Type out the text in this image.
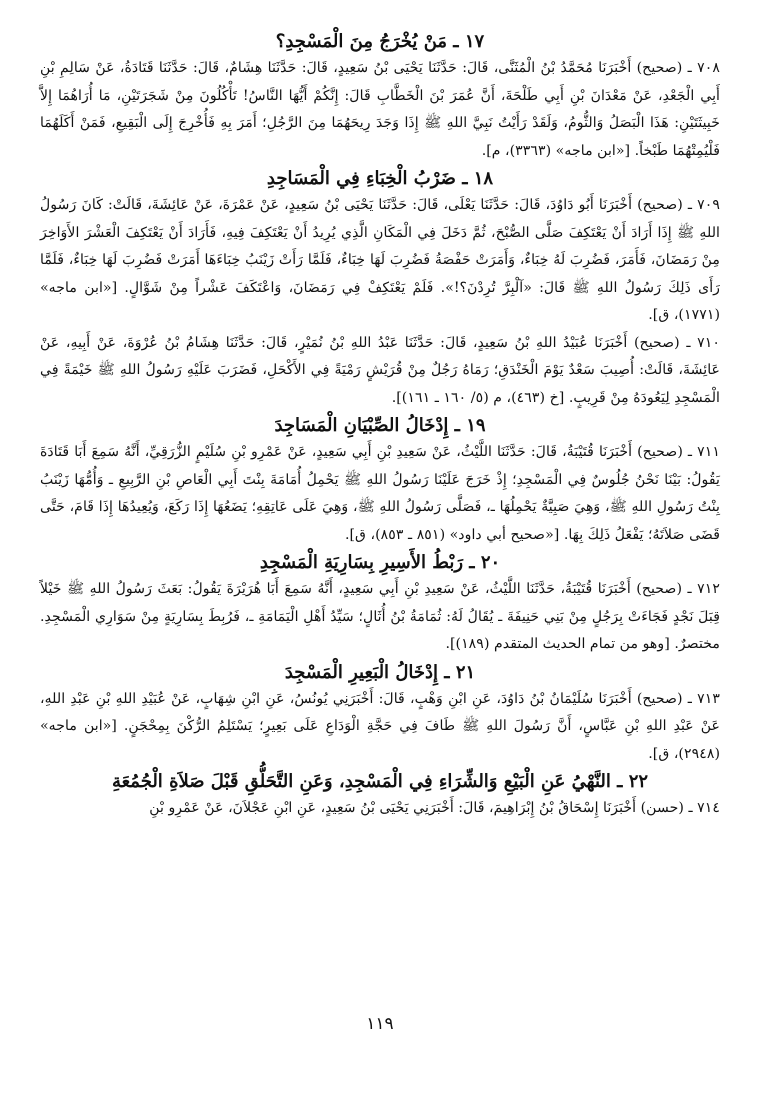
١٧ ـ مَنْ يُخْرَجُ مِنَ الْمَسْجِدِ؟

٧٠٨ ـ (صحيح) أَخْبَرَنَا مُحَمَّدُ بْنُ الْمُثَنَّى، قَالَ: حَدَّثَنَا يَحْيَى بْنُ سَعِيدٍ، قَالَ: حَدَّثَنَا هِشَامٌ، قَالَ: حَدَّثَنَا قَتَادَةُ، عَنْ سَالِمِ بْنِ أَبِي الْجَعْدِ، عَنْ مَعْدَانَ بْنِ أَبِي طَلْحَةَ، أَنَّ عُمَرَ بْنَ الْخَطَّابِ قَالَ: إِنَّكُمْ أَيُّهَا النَّاسُ! تَأْكُلُونَ مِنْ شَجَرَتَيْنِ، مَا أُرَاهُمَا إِلاَّ خَبِيثَتَيْنِ: هَذَا الْبَصَلُ وَالثُّومُ، وَلَقَدْ رَأَيْتُ نَبِيَّ اللهِ ﷺ إِذَا وَجَدَ رِيحَهُمَا مِنَ الرَّجُلِ؛ أَمَرَ بِهِ فَأُخْرِجَ إِلَى الْبَقِيعِ، فَمَنْ أَكَلَهُمَا فَلْيُمِتْهُمَا طَبْخاً. [«ابن ماجه» (٣٣٦٣)، م].

١٨ ـ ضَرْبُ الْخِبَاءِ فِي الْمَسَاجِدِ

٧٠٩ ـ (صحيح) أَخْبَرَنَا أَبُو دَاوُدَ، قَالَ: حَدَّثَنَا يَعْلَى، قَالَ: حَدَّثَنَا يَحْيَى بْنُ سَعِيدٍ، عَنْ عَمْرَةَ، عَنْ عَائِشَةَ، قَالَتْ: كَانَ رَسُولُ اللهِ ﷺ إِذَا أَرَادَ أَنْ يَعْتَكِفَ صَلَّى الصُّبْحَ، ثُمَّ دَخَلَ فِي الْمَكَانِ الَّذِي يُرِيدُ أَنْ يَعْتَكِفَ فِيهِ، فَأَرَادَ أَنْ يَعْتَكِفَ الْعَشْرَ الأَوَاخِرَ مِنْ رَمَضَانَ، فَأَمَرَ، فَضُرِبَ لَهُ خِبَاءٌ، وَأَمَرَتْ حَفْصَةُ فَضُرِبَ لَهَا خِبَاءٌ، فَلَمَّا رَأَتْ زَيْنَبُ خِبَاءَهَا أَمَرَتْ فَضُرِبَ لَهَا خِبَاءٌ، فَلَمَّا رَأَى ذَلِكَ رَسُولُ اللهِ ﷺ قَالَ: «آلْبِرَّ تُرِدْنَ؟!». فَلَمْ يَعْتَكِفْ فِي رَمَضَانَ، وَاعْتَكَفَ عَشْراً مِنْ شَوَّالٍ. [«ابن ماجه» (١٧٧١)، ق].

٧١٠ ـ (صحيح) أَخْبَرَنَا عُبَيْدُ اللهِ بْنُ سَعِيدٍ، قَالَ: حَدَّثَنَا عَبْدُ اللهِ بْنُ نُمَيْرٍ، قَالَ: حَدَّثَنَا هِشَامُ بْنُ عُرْوَةَ، عَنْ أَبِيهِ، عَنْ عَائِشَةَ، قَالَتْ: أُصِيبَ سَعْدٌ يَوْمَ الْخَنْدَقِ؛ رَمَاهُ رَجُلٌ مِنْ قُرَيْشٍ رَمْيَةً فِي الأَكْحَلِ، فَضَرَبَ عَلَيْهِ رَسُولُ اللهِ ﷺ خَيْمَةً فِي الْمَسْجِدِ لِيَعُودَهُ مِنْ قَرِيبٍ. [خ (٤٦٣)، م (٥/ ١٦٠ ـ ١٦١)].

١٩ ـ إِدْخَالُ الصِّبْيَانِ الْمَسَاجِدَ

٧١١ ـ (صحيح) أَخْبَرَنَا قُتَيْبَةُ، قَالَ: حَدَّثَنَا اللَّيْثُ، عَنْ سَعِيدِ بْنِ أَبِي سَعِيدٍ، عَنْ عَمْرِو بْنِ سُلَيْمٍ الزُّرَقِيِّ، أَنَّهُ سَمِعَ أَبَا قَتَادَةَ يَقُولُ: بَيْنَا نَحْنُ جُلُوسٌ فِي الْمَسْجِدِ؛ إِذْ خَرَجَ عَلَيْنَا رَسُولُ اللهِ ﷺ يَحْمِلُ أُمَامَةَ بِنْتَ أَبِي الْعَاصِ بْنِ الرَّبِيعِ ـ وَأُمُّهَا زَيْنَبُ بِنْتُ رَسُولِ اللهِ ﷺ، وَهِيَ صَبِيَّةٌ يَحْمِلُهَا ـ، فَصَلَّى رَسُولُ اللهِ ﷺ، وَهِيَ عَلَى عَاتِقِهِ؛ يَضَعُهَا إِذَا رَكَعَ، وَيُعِيدُهَا إِذَا قَامَ، حَتَّى قَضَى صَلاَتَهُ؛ يَفْعَلُ ذَلِكَ بِهَا. [«صحيح أبي داود» (٨٥١ ـ ٨٥٣)، ق].

٢٠ ـ رَبْطُ الأَسِيرِ بِسَارِيَةِ الْمَسْجِدِ

٧١٢ ـ (صحيح) أَخْبَرَنَا قُتَيْبَةُ، حَدَّثَنَا اللَّيْثُ، عَنْ سَعِيدِ بْنِ أَبِي سَعِيدٍ، أَنَّهُ سَمِعَ أَبَا هُرَيْرَةَ يَقُولُ: بَعَثَ رَسُولُ اللهِ ﷺ خَيْلاً قِبَلَ نَجْدٍ فَجَاءَتْ بِرَجُلٍ مِنْ بَنِي حَنِيفَةَ ـ يُقَالُ لَهُ: ثُمَامَةُ بْنُ أُثَالٍ؛ سَيِّدُ أَهْلِ الْيَمَامَةِ ـ، فَرُبِطَ بِسَارِيَةٍ مِنْ سَوَارِي الْمَسْجِدِ. مختصرٌ. [وهو من تمام الحديث المتقدم (١٨٩)].

٢١ ـ إِدْخَالُ الْبَعِيرِ الْمَسْجِدَ

٧١٣ ـ (صحيح) أَخْبَرَنَا سُلَيْمَانُ بْنُ دَاوُدَ، عَنِ ابْنِ وَهْبٍ، قَالَ: أَخْبَرَنِي يُونُسُ، عَنِ ابْنِ شِهَابٍ، عَنْ عُبَيْدِ اللهِ بْنِ عَبْدِ اللهِ، عَنْ عَبْدِ اللهِ بْنِ عَبَّاسٍ، أَنَّ رَسُولَ اللهِ ﷺ طَافَ فِي حَجَّةِ الْوَدَاعِ عَلَى بَعِيرٍ؛ يَسْتَلِمُ الرُّكْنَ بِمِحْجَنٍ. [«ابن ماجه» (٢٩٤٨)، ق].

٢٢ ـ النَّهْيُ عَنِ الْبَيْعِ وَالشِّرَاءِ فِي الْمَسْجِدِ، وَعَنِ التَّحَلُّقِ قَبْلَ صَلاَةِ الْجُمُعَةِ

٧١٤ ـ (حسن) أَخْبَرَنَا إِسْحَاقُ بْنُ إِبْرَاهِيمَ، قَالَ: أَخْبَرَنِي يَحْيَى بْنُ سَعِيدٍ، عَنِ ابْنِ عَجْلاَنَ، عَنْ عَمْرِو بْنِ

١١٩
